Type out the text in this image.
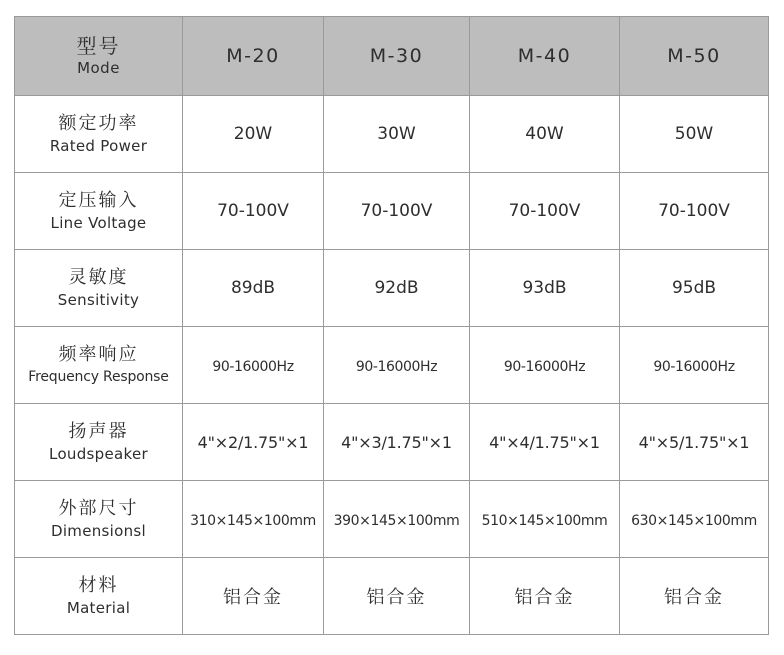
型号
Mode	M-20	M-30	M-40	M-50

额定功率
Rated Power	20W	30W	40W	50W

定压输入
Line Voltage	70-100V	70-100V	70-100V	70-100V

灵敏度
Sensitivity	89dB	92dB	93dB	95dB

频率响应
Frequency Response	90-16000Hz	90-16000Hz	90-16000Hz	90-16000Hz

扬声器
Loudspeaker	4"×2/1.75"×1	4"×3/1.75"×1	4"×4/1.75"×1	4"×5/1.75"×1

外部尺寸
Dimensionsl	310×145×100mm	390×145×100mm	510×145×100mm	630×145×100mm

材料
Material	铝合金	铝合金	铝合金	铝合金
